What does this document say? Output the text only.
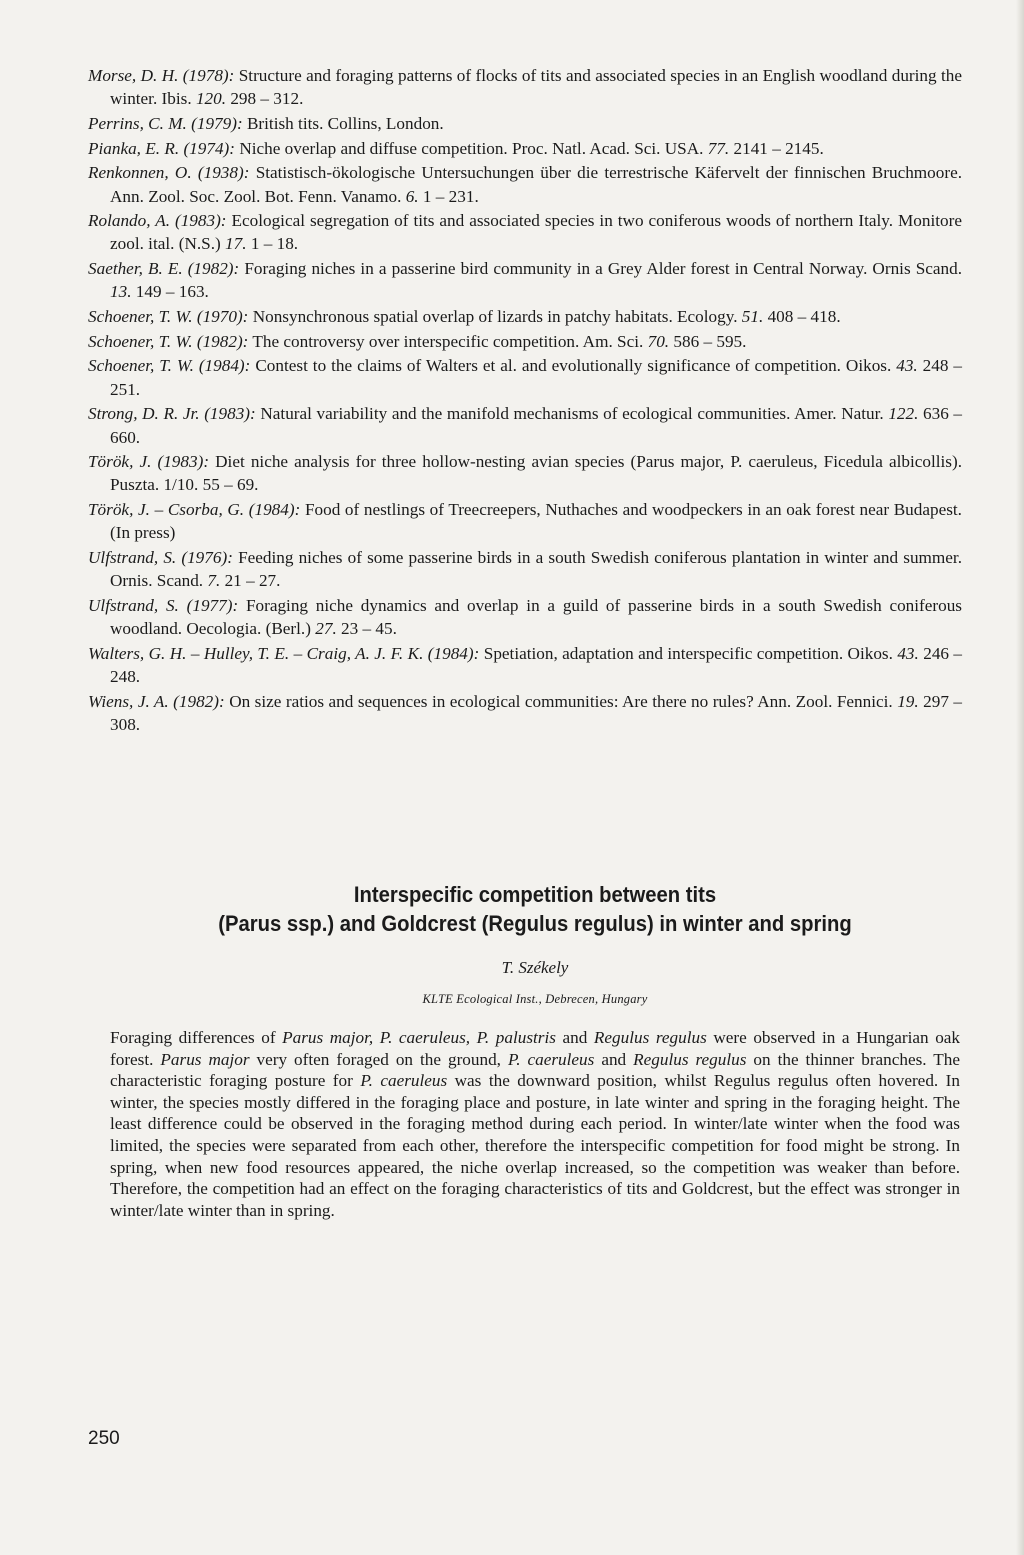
Morse, D. H. (1978): Structure and foraging patterns of flocks of tits and associated species in an English woodland during the winter. Ibis. 120. 298 – 312.

Perrins, C. M. (1979): British tits. Collins, London.

Pianka, E. R. (1974): Niche overlap and diffuse competition. Proc. Natl. Acad. Sci. USA. 77. 2141 – 2145.

Renkonnen, O. (1938): Statistisch-ökologische Untersuchungen über die terrestrische Käfervelt der finnischen Bruchmoore. Ann. Zool. Soc. Zool. Bot. Fenn. Vanamo. 6. 1 – 231.

Rolando, A. (1983): Ecological segregation of tits and associated species in two coniferous woods of northern Italy. Monitore zool. ital. (N.S.) 17. 1 – 18.

Saether, B. E. (1982): Foraging niches in a passerine bird community in a Grey Alder forest in Central Norway. Ornis Scand. 13. 149 – 163.

Schoener, T. W. (1970): Nonsynchronous spatial overlap of lizards in patchy habitats. Ecology. 51. 408 – 418.

Schoener, T. W. (1982): The controversy over interspecific competition. Am. Sci. 70. 586 – 595.

Schoener, T. W. (1984): Contest to the claims of Walters et al. and evolutionally significance of competition. Oikos. 43. 248 – 251.

Strong, D. R. Jr. (1983): Natural variability and the manifold mechanisms of ecological communities. Amer. Natur. 122. 636 – 660.

Török, J. (1983): Diet niche analysis for three hollow-nesting avian species (Parus major, P. caeruleus, Ficedula albicollis). Puszta. 1/10. 55 – 69.

Török, J. – Csorba, G. (1984): Food of nestlings of Treecreepers, Nuthaches and woodpeckers in an oak forest near Budapest. (In press)

Ulfstrand, S. (1976): Feeding niches of some passerine birds in a south Swedish coniferous plantation in winter and summer. Ornis. Scand. 7. 21 – 27.

Ulfstrand, S. (1977): Foraging niche dynamics and overlap in a guild of passerine birds in a south Swedish coniferous woodland. Oecologia. (Berl.) 27. 23 – 45.

Walters, G. H. – Hulley, T. E. – Craig, A. J. F. K. (1984): Spetiation, adaptation and interspecific competition. Oikos. 43. 246 – 248.

Wiens, J. A. (1982): On size ratios and sequences in ecological communities: Are there no rules? Ann. Zool. Fennici. 19. 297 – 308.

Interspecific competition between tits
(Parus ssp.) and Goldcrest (Regulus regulus) in winter and spring
T. Székely
KLTE Ecological Inst., Debrecen, Hungary

Foraging differences of Parus major, P. caeruleus, P. palustris and Regulus regulus were observed in a Hungarian oak forest. Parus major very often foraged on the ground, P. caeruleus and Regulus regulus on the thinner branches. The characteristic foraging posture for P. caeruleus was the downward position, whilst Regulus regulus often hovered. In winter, the species mostly differed in the foraging place and posture, in late winter and spring in the foraging height. The least difference could be observed in the foraging method during each period. In winter/late winter when the food was limited, the species were separated from each other, therefore the interspecific competition for food might be strong. In spring, when new food resources appeared, the niche overlap increased, so the competition was weaker than before. Therefore, the competition had an effect on the foraging characteristics of tits and Goldcrest, but the effect was stronger in winter/late winter than in spring.

250
